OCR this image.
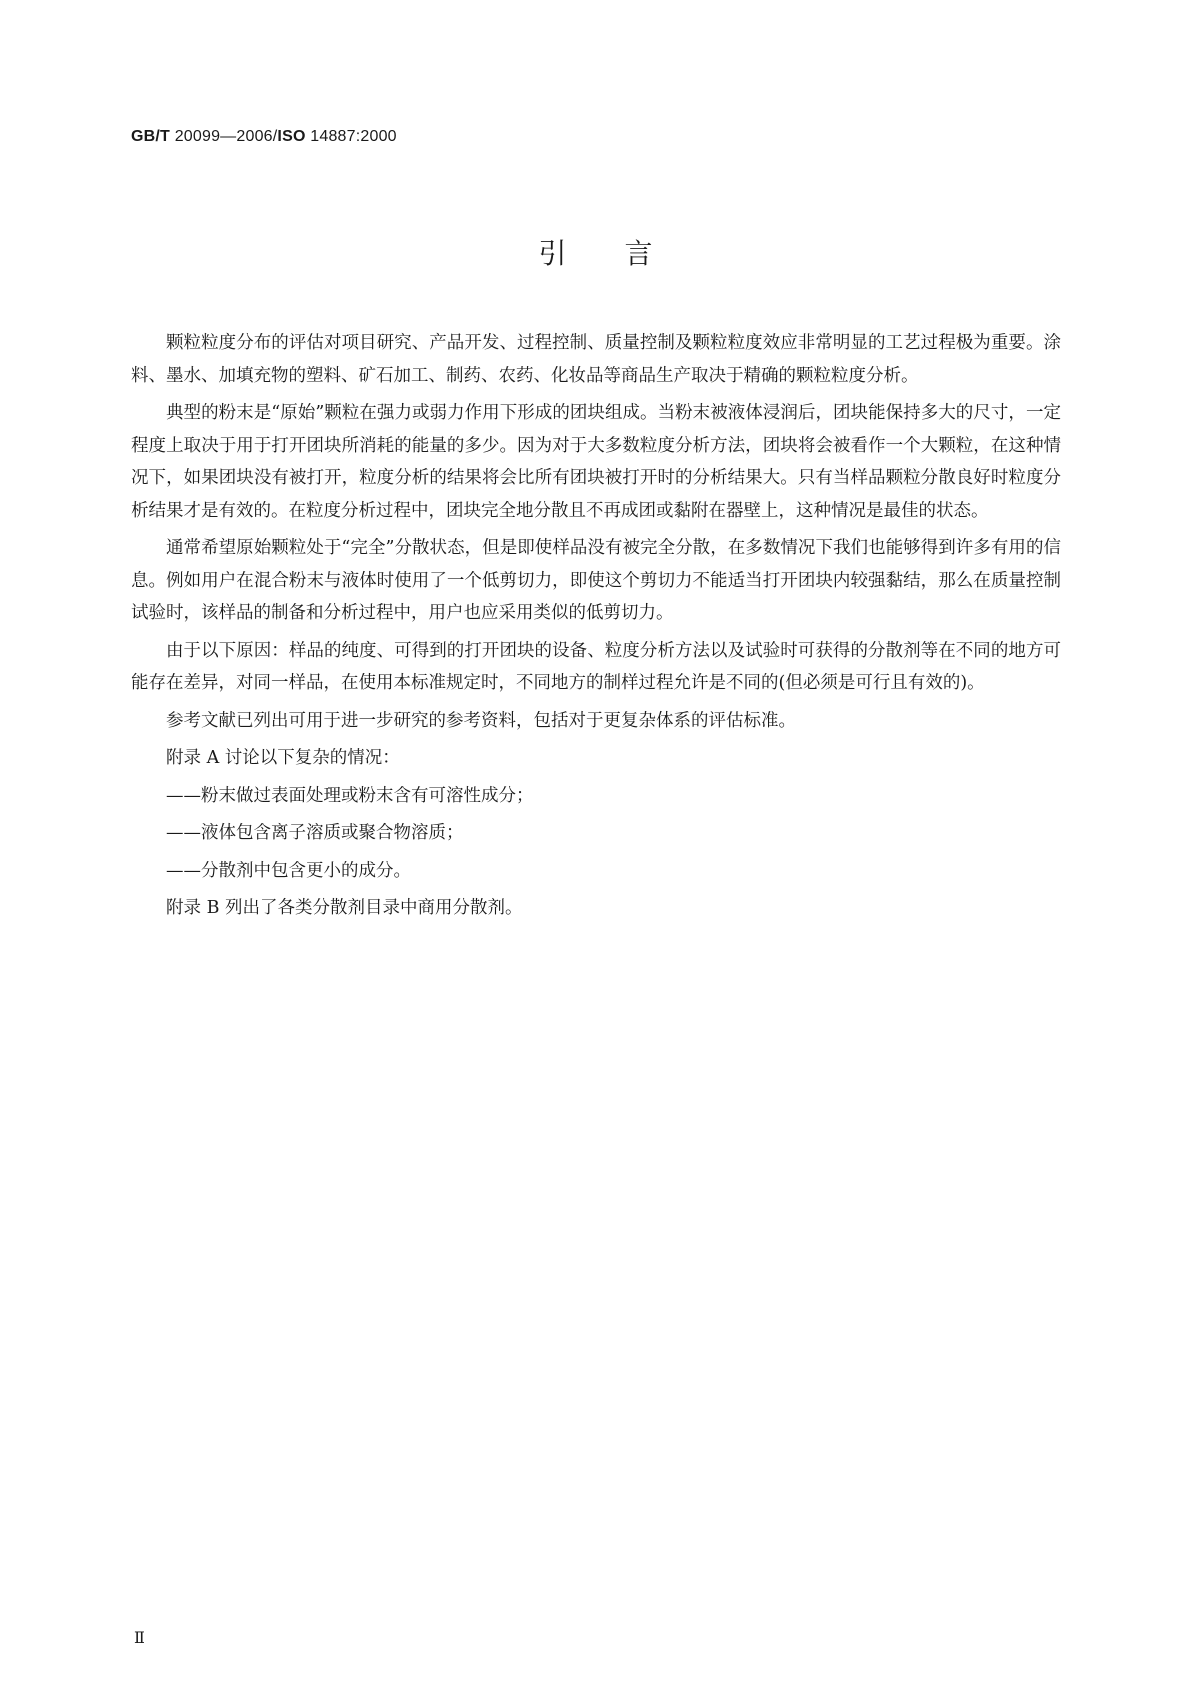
GB/T 20099—2006/ISO 14887:2000
引言

颗粒粒度分布的评估对项目研究、产品开发、过程控制、质量控制及颗粒粒度效应非常明显的工艺过程极为重要。涂料、墨水、加填充物的塑料、矿石加工、制药、农药、化妆品等商品生产取决于精确的颗粒粒度分析。

典型的粉末是“原始”颗粒在强力或弱力作用下形成的团块组成。当粉末被液体浸润后，团块能保持多大的尺寸，一定程度上取决于用于打开团块所消耗的能量的多少。因为对于大多数粒度分析方法，团块将会被看作一个大颗粒，在这种情况下，如果团块没有被打开，粒度分析的结果将会比所有团块被打开时的分析结果大。只有当样品颗粒分散良好时粒度分析结果才是有效的。在粒度分析过程中，团块完全地分散且不再成团或黏附在器壁上，这种情况是最佳的状态。

通常希望原始颗粒处于“完全”分散状态，但是即使样品没有被完全分散，在多数情况下我们也能够得到许多有用的信息。例如用户在混合粉末与液体时使用了一个低剪切力，即使这个剪切力不能适当打开团块内较强黏结，那么在质量控制试验时，该样品的制备和分析过程中，用户也应采用类似的低剪切力。

由于以下原因：样品的纯度、可得到的打开团块的设备、粒度分析方法以及试验时可获得的分散剂等在不同的地方可能存在差异，对同一样品，在使用本标准规定时，不同地方的制样过程允许是不同的(但必须是可行且有效的)。

参考文献已列出可用于进一步研究的参考资料，包括对于更复杂体系的评估标准。

附录 A 讨论以下复杂的情况：

——粉末做过表面处理或粉末含有可溶性成分；

——液体包含离子溶质或聚合物溶质；

——分散剂中包含更小的成分。

附录 B 列出了各类分散剂目录中商用分散剂。

Ⅱ
